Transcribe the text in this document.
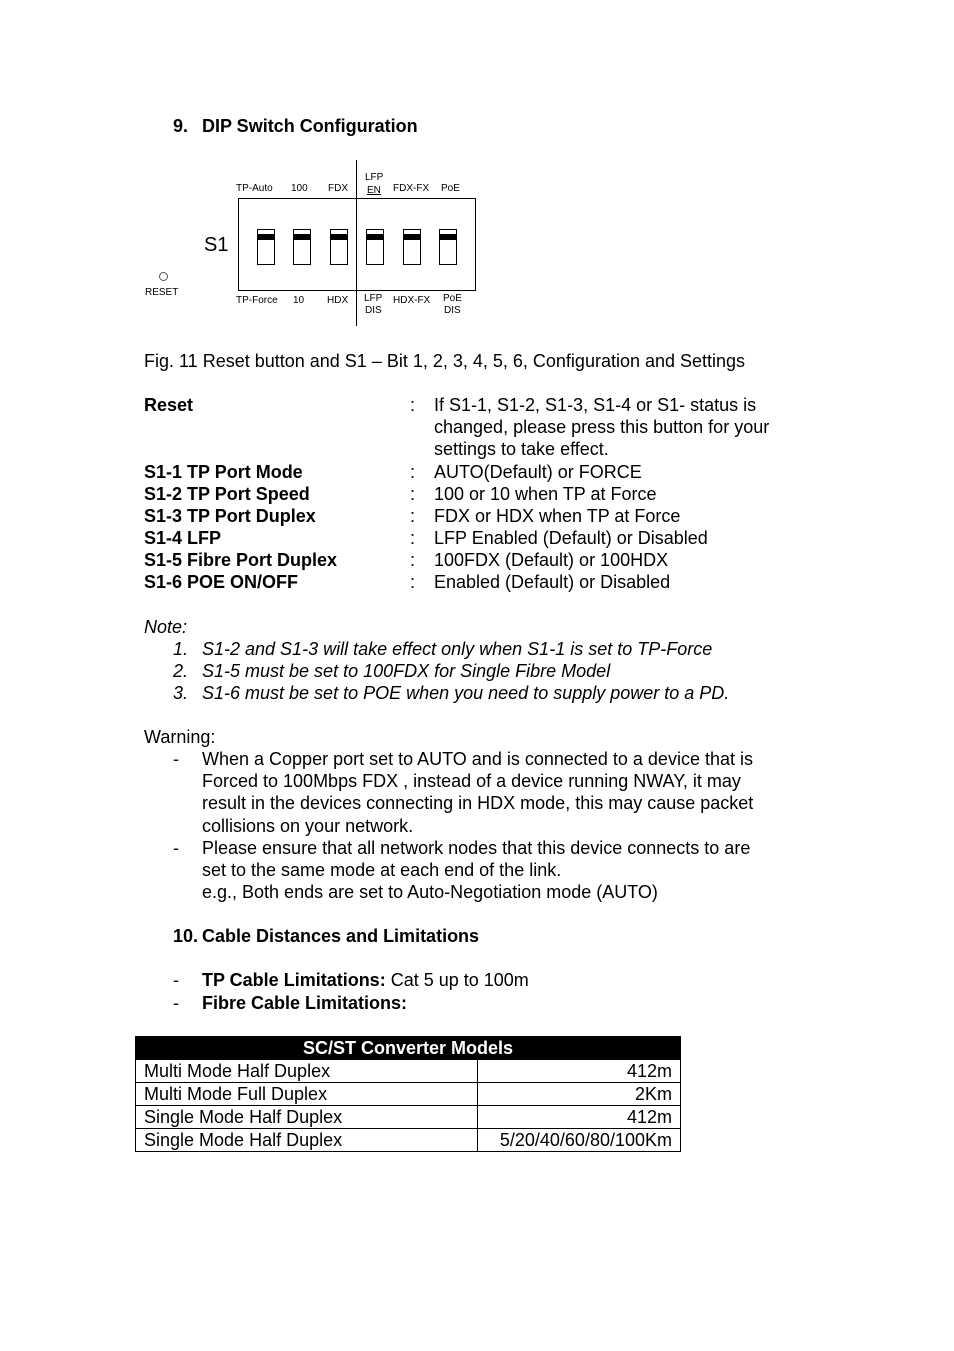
9. DIP Switch Configuration
S1
RESET
TP-Auto 100 FDX
LFP
EN FDX-FX PoE
TP-Force 10 HDX LFP
DIS
HDX-FX PoE
DIS
Fig. 11 Reset button and S1 – Bit 1, 2, 3, 4, 5, 6, Configuration and Settings
Reset	: If S1-1, S1-2, S1-3, S1-4 or S1- status is
changed, please press this button for your
settings to take effect.
S1-1 TP Port Mode	: AUTO(Default) or FORCE
S1-2 TP Port Speed	: 100 or 10 when TP at Force
S1-3 TP Port Duplex	: FDX or HDX when TP at Force
S1-4 LFP	: LFP Enabled (Default) or Disabled
S1-5 Fibre Port Duplex	: 100FDX (Default) or 100HDX
S1-6 POE ON/OFF	: Enabled (Default) or Disabled
Note:
1. S1-2 and S1-3 will take effect only when S1-1 is set to TP-Force
2. S1-5 must be set to 100FDX for Single Fibre Model
3. S1-6 must be set to POE when you need to supply power to a PD.
Warning:
- When a Copper port set to AUTO and is connected to a device that is
Forced to 100Mbps FDX , instead of a device running NWAY, it may
result in the devices connecting in HDX mode, this may cause packet
collisions on your network.
- Please ensure that all network nodes that this device connects to are
set to the same mode at each end of the link.
e.g., Both ends are set to Auto-Negotiation mode (AUTO)
10. Cable Distances and Limitations
- TP Cable Limitations: Cat 5 up to 100m
- Fibre Cable Limitations:
SC/ST Converter Models	
Multi Mode Half Duplex	412m
Multi Mode Full Duplex	2Km
Single Mode Half Duplex	412m
Single Mode Half Duplex	5/20/40/60/80/100Km
